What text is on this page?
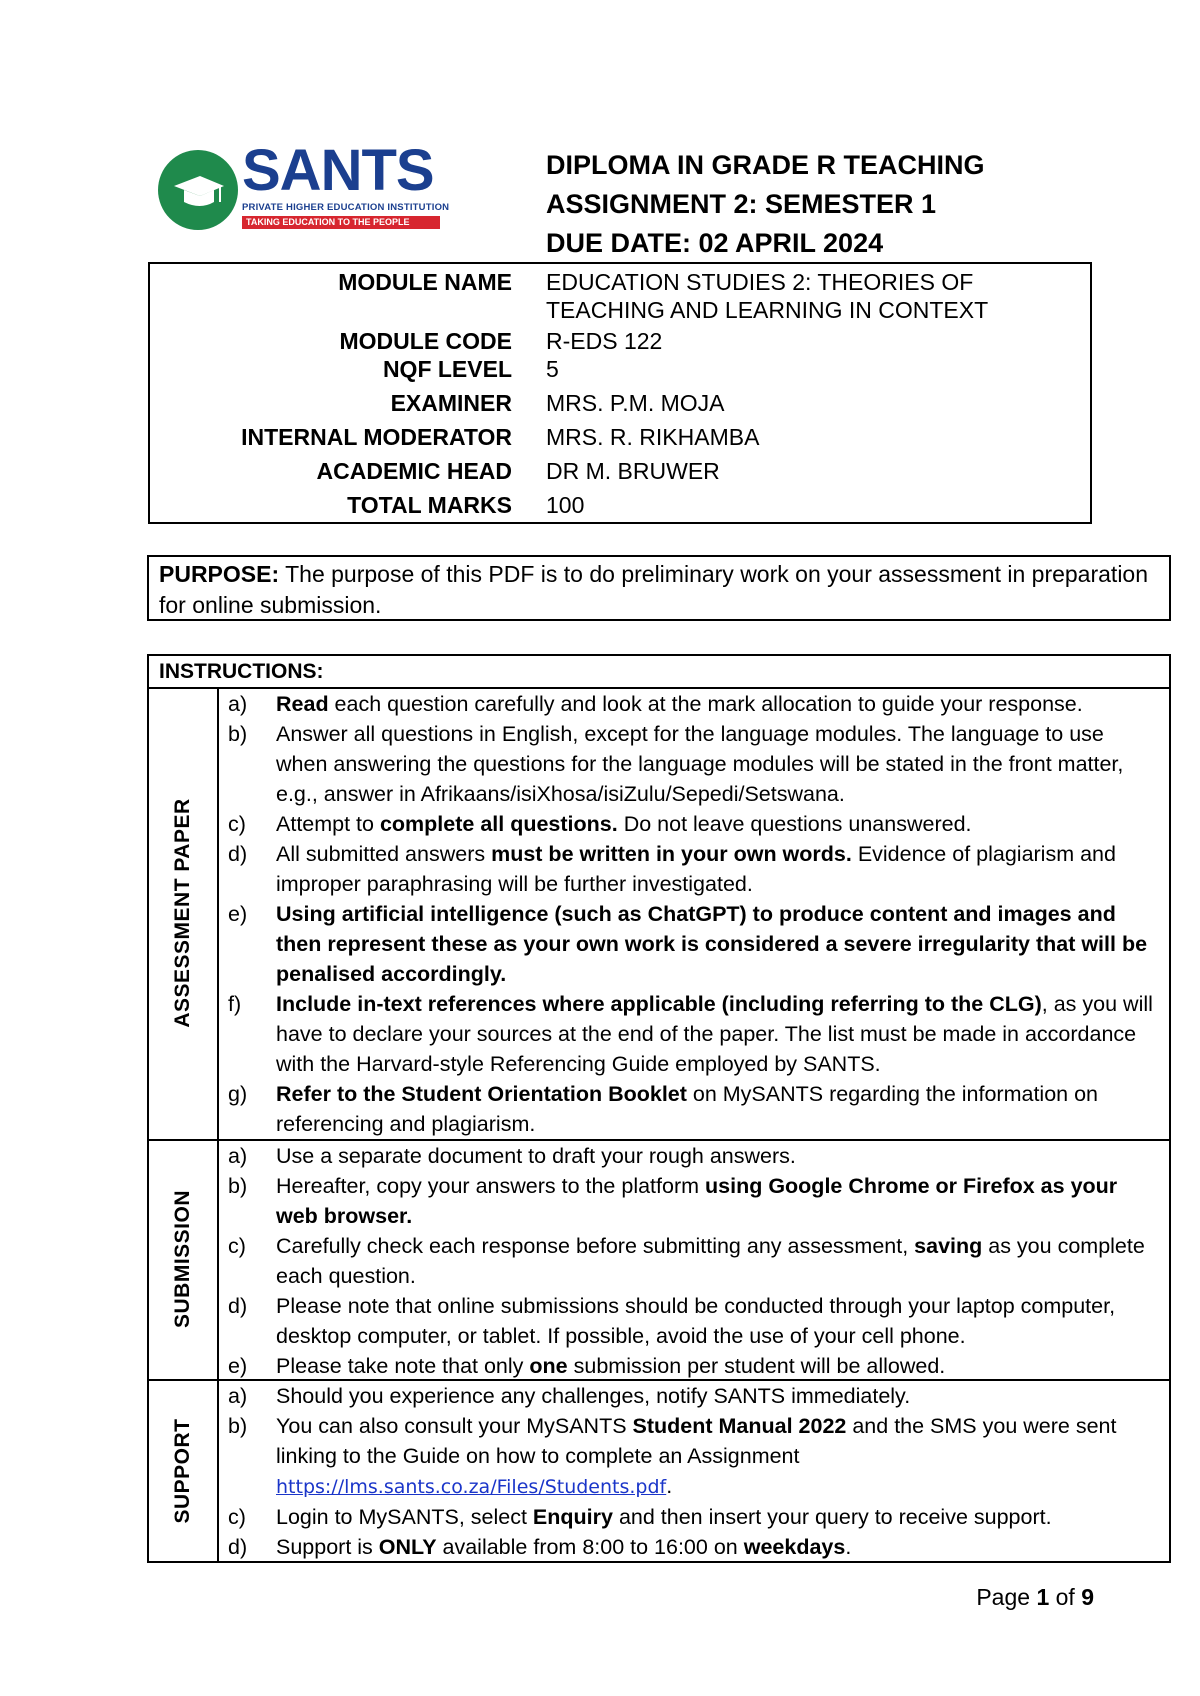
SANTS
PRIVATE HIGHER EDUCATION INSTITUTION
TAKING EDUCATION TO THE PEOPLE
DIPLOMA IN GRADE R TEACHING
ASSIGNMENT 2: SEMESTER 1
DUE DATE: 02 APRIL 2024
MODULE NAME EDUCATION STUDIES 2: THEORIES OF TEACHING AND LEARNING IN CONTEXT
MODULE CODE R-EDS 122
NQF LEVEL 5
EXAMINER MRS. P.M. MOJA
INTERNAL MODERATOR MRS. R. RIKHAMBA
ACADEMIC HEAD DR M. BRUWER
TOTAL MARKS 100
PURPOSE: The purpose of this PDF is to do preliminary work on your assessment in preparation for online submission.
INSTRUCTIONS:
ASSESSMENT PAPER
a) Read each question carefully and look at the mark allocation to guide your response.
b) Answer all questions in English, except for the language modules. The language to use when answering the questions for the language modules will be stated in the front matter, e.g., answer in Afrikaans/isiXhosa/isiZulu/Sepedi/Setswana.
c) Attempt to complete all questions. Do not leave questions unanswered.
d) All submitted answers must be written in your own words. Evidence of plagiarism and improper paraphrasing will be further investigated.
e) Using artificial intelligence (such as ChatGPT) to produce content and images and then represent these as your own work is considered a severe irregularity that will be penalised accordingly.
f) Include in-text references where applicable (including referring to the CLG), as you will have to declare your sources at the end of the paper. The list must be made in accordance with the Harvard-style Referencing Guide employed by SANTS.
g) Refer to the Student Orientation Booklet on MySANTS regarding the information on referencing and plagiarism.
SUBMISSION
a) Use a separate document to draft your rough answers.
b) Hereafter, copy your answers to the platform using Google Chrome or Firefox as your web browser.
c) Carefully check each response before submitting any assessment, saving as you complete each question.
d) Please note that online submissions should be conducted through your laptop computer, desktop computer, or tablet. If possible, avoid the use of your cell phone.
e) Please take note that only one submission per student will be allowed.
SUPPORT
a) Should you experience any challenges, notify SANTS immediately.
b) You can also consult your MySANTS Student Manual 2022 and the SMS you were sent linking to the Guide on how to complete an Assignment https://lms.sants.co.za/Files/Students.pdf.
c) Login to MySANTS, select Enquiry and then insert your query to receive support.
d) Support is ONLY available from 8:00 to 16:00 on weekdays.
Page 1 of 9
